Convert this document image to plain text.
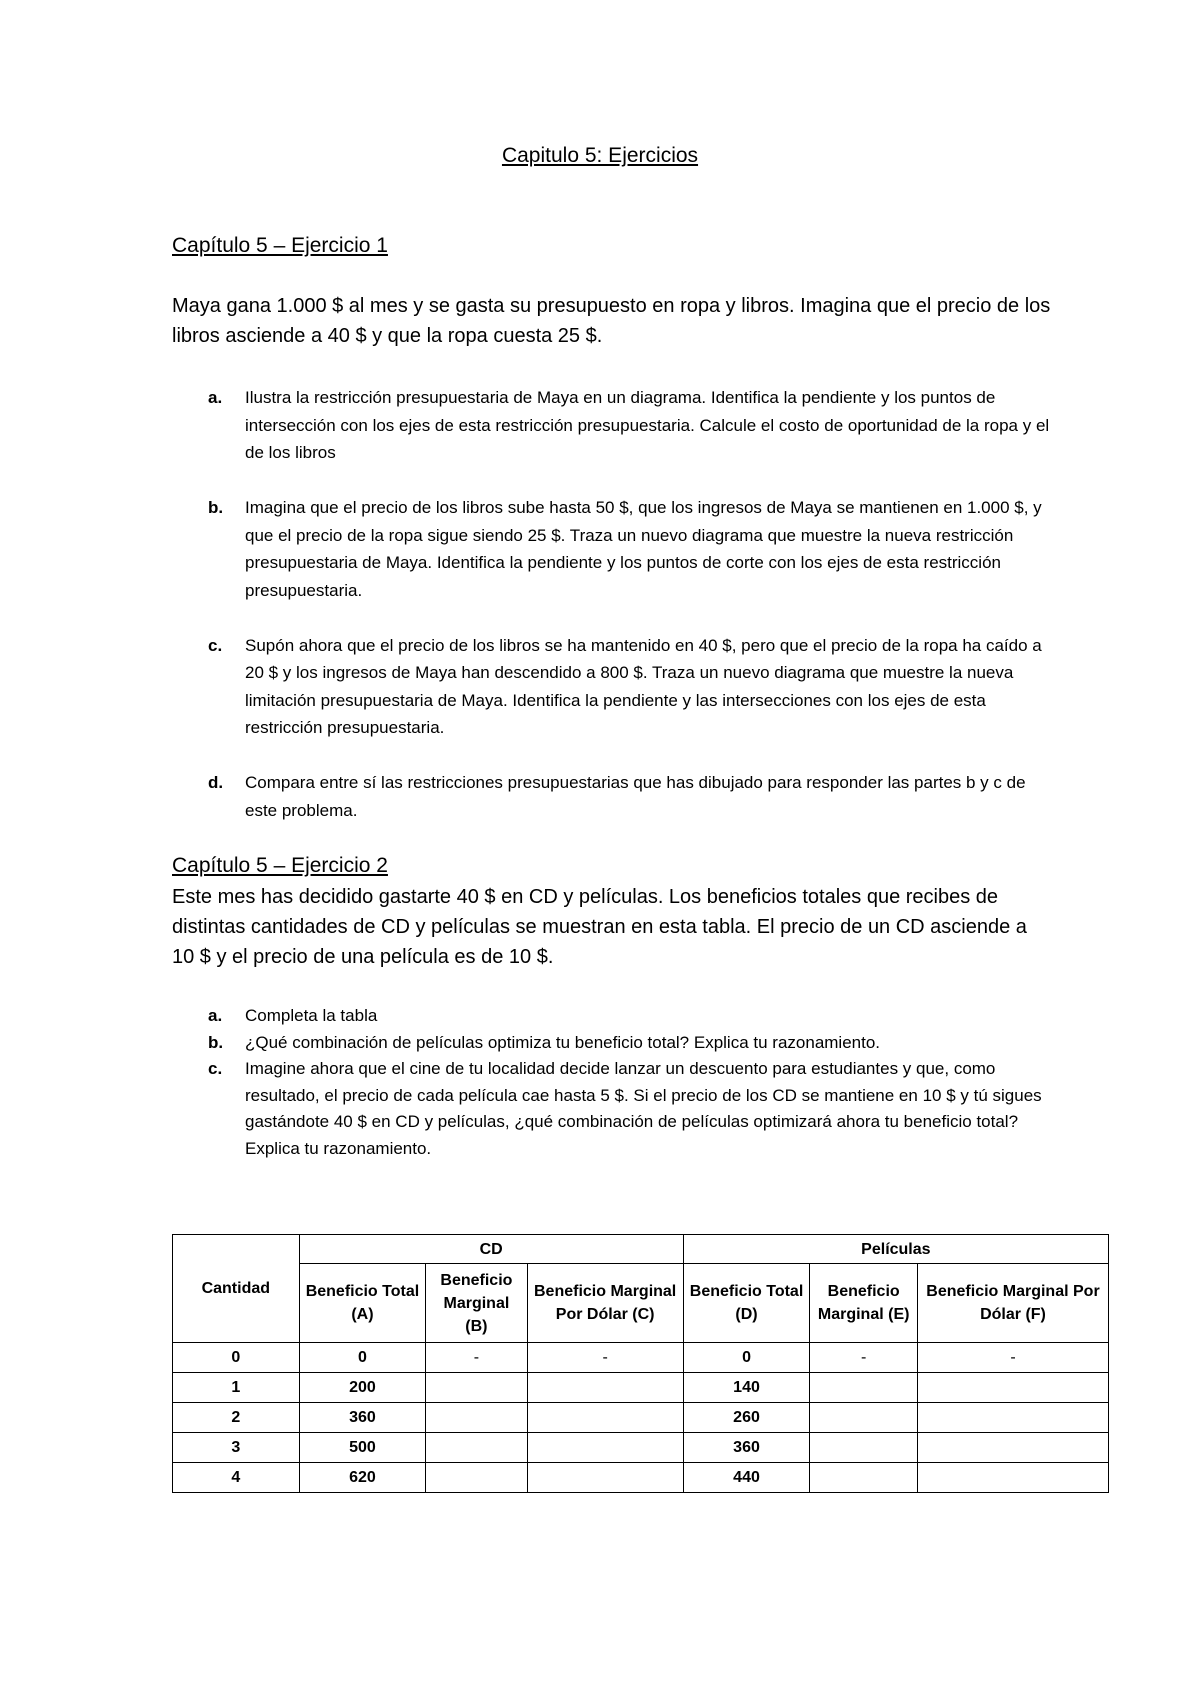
Capitulo 5: Ejercicios
Capítulo 5 – Ejercicio 1

Maya gana 1.000 $ al mes y se gasta su presupuesto en ropa y libros. Imagina que el precio de los libros asciende a 40 $ y que la ropa cuesta 25 $.

a. Ilustra la restricción presupuestaria de Maya en un diagrama. Identifica la pendiente y los puntos de intersección con los ejes de esta restricción presupuestaria. Calcule el costo de oportunidad de la ropa y el de los libros
b. Imagina que el precio de los libros sube hasta 50 $, que los ingresos de Maya se mantienen en 1.000 $, y que el precio de la ropa sigue siendo 25 $. Traza un nuevo diagrama que muestre la nueva restricción presupuestaria de Maya. Identifica la pendiente y los puntos de corte con los ejes de esta restricción presupuestaria.
c. Supón ahora que el precio de los libros se ha mantenido en 40 $, pero que el precio de la ropa ha caído a 20 $ y los ingresos de Maya han descendido a 800 $. Traza un nuevo diagrama que muestre la nueva limitación presupuestaria de Maya. Identifica la pendiente y las intersecciones con los ejes de esta restricción presupuestaria.
d. Compara entre sí las restricciones presupuestarias que has dibujado para responder las partes b y c de este problema.
Capítulo 5 – Ejercicio 2

Este mes has decidido gastarte 40 $ en CD y películas. Los beneficios totales que recibes de distintas cantidades de CD y películas se muestran en esta tabla. El precio de un CD asciende a 10 $ y el precio de una película es de 10 $.

a. Completa la tabla
b. ¿Qué combinación de películas optimiza tu beneficio total? Explica tu razonamiento.
c. Imagine ahora que el cine de tu localidad decide lanzar un descuento para estudiantes y que, como resultado, el precio de cada película cae hasta 5 $. Si el precio de los CD se mantiene en 10 $ y tú sigues gastándote 40 $ en CD y películas, ¿qué combinación de películas optimizará ahora tu beneficio total? Explica tu razonamiento.
Cantidad	CD			Películas		
	Beneficio Total (A)	Beneficio Marginal (B)	Beneficio Marginal Por Dólar (C)	Beneficio Total (D)	Beneficio Marginal (E)	Beneficio Marginal Por Dólar (F)
0	0	-	-	0	-	-
1	200			140		
2	360			260		
3	500			360		
4	620			440		
